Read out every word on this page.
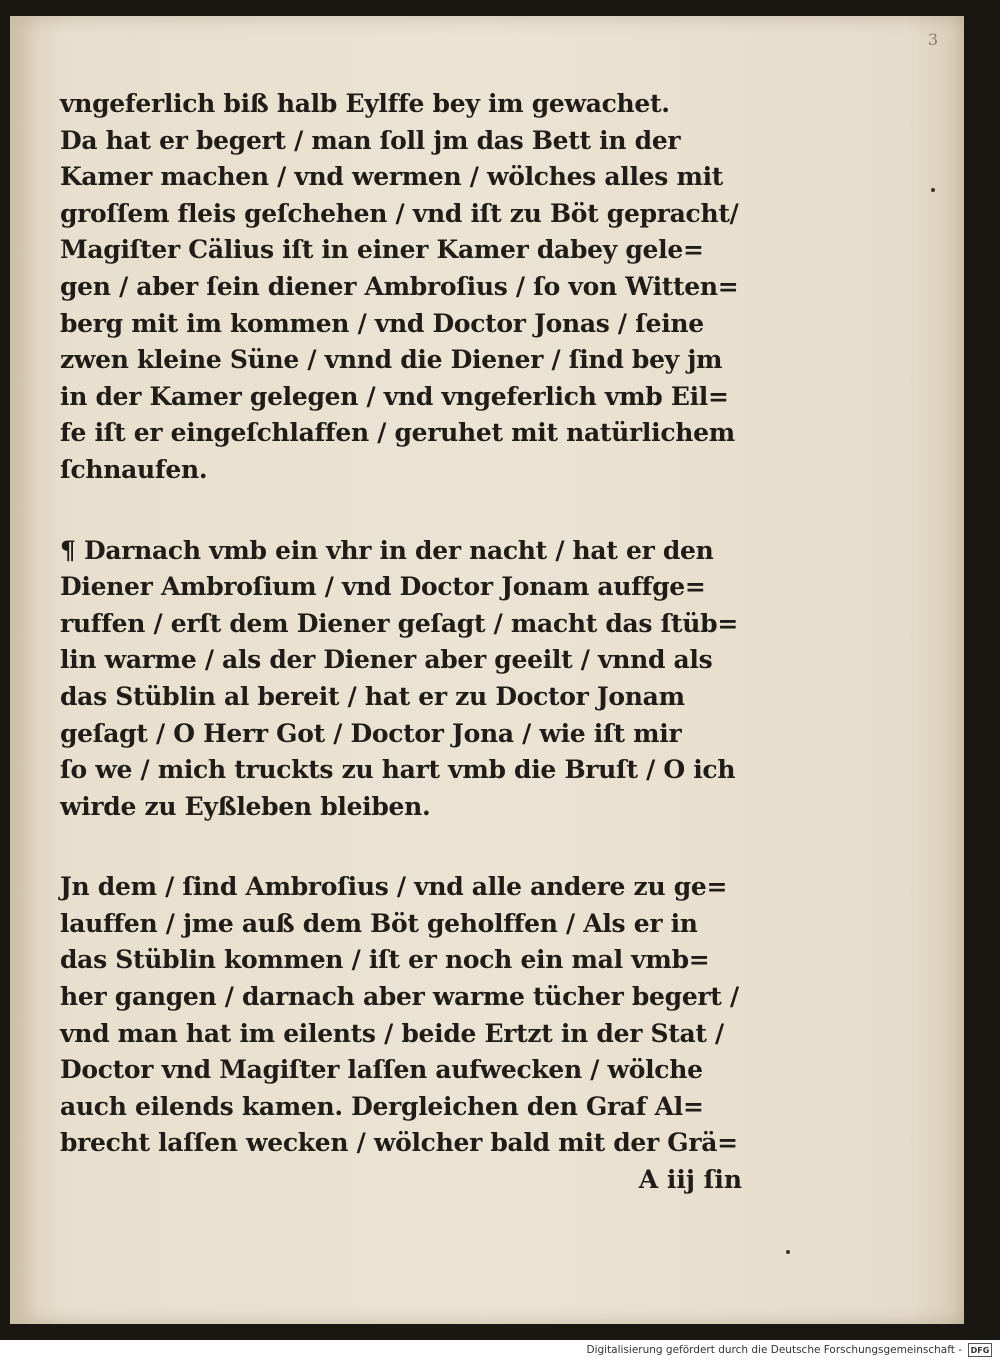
3
vngeferlich biß halb Eylffe bey im gewachet.
Da hat er begert / man ſoll jm das Bett in der
Kamer machen / vnd wermen / wölches alles mit
groſſem fleis geſchehen / vnd iſt zu Böt gepracht/
Magiſter Cälius iſt in einer Kamer dabey gele=
gen / aber ſein diener Ambroſius / ſo von Witten=
berg mit im kommen / vnd Doctor Jonas / ſeine
zwen kleine Süne / vnnd die Diener / ſind bey jm
in der Kamer gelegen / vnd vngeferlich vmb Eil=
fe iſt er eingeſchlaffen / geruhet mit natürlichem
ſchnaufen.
¶ Darnach vmb ein vhr in der nacht / hat er den
Diener Ambroſium / vnd Doctor Jonam auffge=
ruffen / erſt dem Diener geſagt / macht das ſtüb=
lin warme / als der Diener aber geeilt / vnnd als
das Stüblin al bereit / hat er zu Doctor Jonam
geſagt / O Herr Got / Doctor Jona / wie iſt mir
ſo we / mich truckts zu hart vmb die Bruſt / O ich
wirde zu Eyßleben bleiben.
Jn dem / ſind Ambroſius / vnd alle andere zu ge=
lauffen / jme auß dem Böt geholffen / Als er in
das Stüblin kommen / iſt er noch ein mal vmb=
her gangen / darnach aber warme tücher begert /
vnd man hat im eilents / beide Ertzt in der Stat /
Doctor vnd Magiſter laſſen aufwecken / wölche
auch eilends kamen. Dergleichen den Graf Al=
brecht laſſen wecken / wölcher bald mit der Grä=
A iij ſin
Digitalisierung gefördert durch die Deutsche Forschungsgemeinschaft -	DFG
